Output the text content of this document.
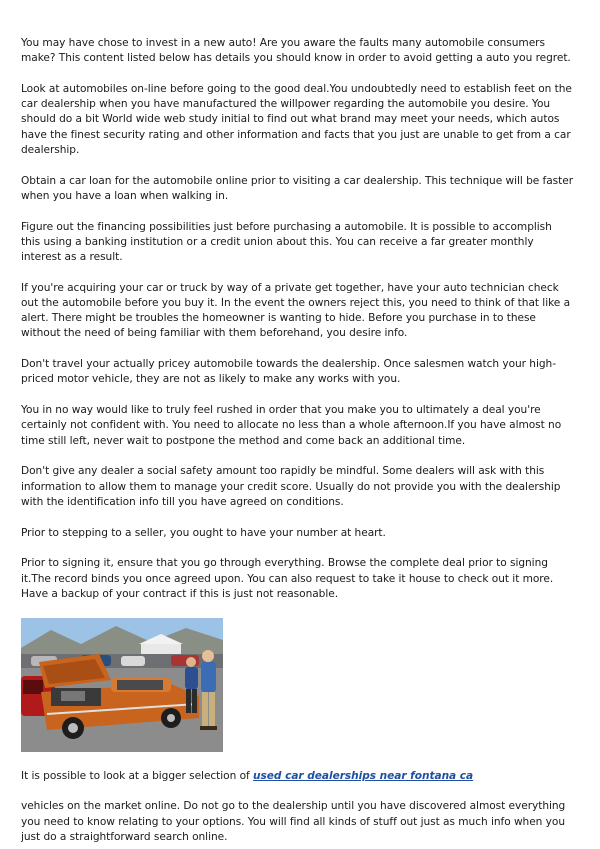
You may have chose to invest in a new auto! Are you aware the faults many automobile consumers make? This content listed below has details you should know in order to avoid getting a auto you regret.

Look at automobiles on-line before going to the good deal.You undoubtedly need to establish feet on the car dealership when you have manufactured the willpower regarding the automobile you desire. You should do a bit World wide web study initial to find out what brand may meet your needs, which autos have the finest security rating and other information and facts that you just are unable to get from a car dealership.

Obtain a car loan for the automobile online prior to visiting a car dealership. This technique will be faster when you have a loan when walking in.

Figure out the financing possibilities just before purchasing a automobile. It is possible to accomplish this using a banking institution or a credit union about this. You can receive a far greater monthly interest as a result.

If you're acquiring your car or truck by way of a private get together, have your auto technician check out the automobile before you buy it. In the event the owners reject this, you need to think of that like a alert. There might be troubles the homeowner is wanting to hide. Before you purchase in to these without the need of being familiar with them beforehand, you desire info.

Don't travel your actually pricey automobile towards the dealership. Once salesmen watch your high-priced motor vehicle, they are not as likely to make any works with you.

You in no way would like to truly feel rushed in order that you make you to ultimately a deal you're certainly not confident with. You need to allocate no less than a whole afternoon.If you have almost no time still left, never wait to postpone the method and come back an additional time.

Don't give any dealer a social safety amount too rapidly be mindful. Some dealers will ask with this information to allow them to manage your credit score. Usually do not provide you with the dealership with the identification info till you have agreed on conditions.

Prior to stepping to a seller, you ought to have your number at heart.

Prior to signing it, ensure that you go through everything. Browse the complete deal prior to signing it.The record binds you once agreed upon. You can also request to take it house to check out it more. Have a backup of your contract if this is just not reasonable.

It is possible to look at a bigger selection of used car dealerships near fontana ca

vehicles on the market online. Do not go to the dealership until you have discovered almost everything you need to know relating to your options. You will find all kinds of stuff out just as much info when you just do a straightforward search online.
